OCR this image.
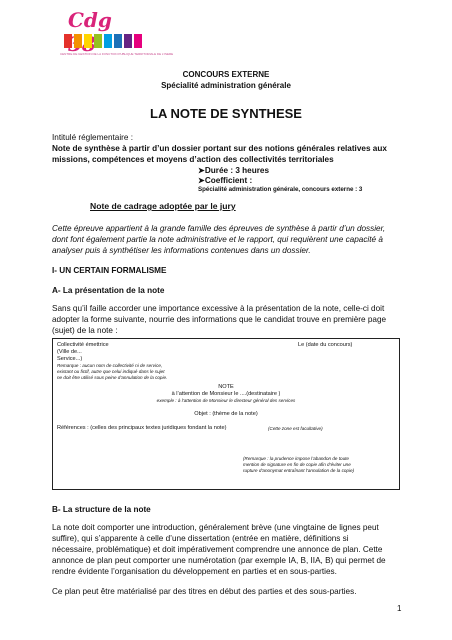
Cdg
CENTRE DE GESTION DE LA FONCTION PUBLIQUE TERRITORIALE DE L'ISERE
CONCOURS EXTERNE
Spécialité administration générale
LA NOTE DE SYNTHESE
Intitulé réglementaire :
Note de synthèse à partir d’un dossier portant sur des notions générales relatives aux
missions, compétences et moyens d’action des collectivités territoriales
➤Durée : 3 heures
➤Coefficient :
Spécialité administration générale, concours externe : 3
Note de cadrage adoptée par le jury
Cette épreuve appartient à la grande famille des épreuves de synthèse à partir d’un dossier,
dont font également partie la note administrative et le rapport, qui requièrent une capacité à
analyser puis à synthétiser les informations contenues dans un dossier.
I- UN CERTAIN FORMALISME
A- La présentation de la note
Sans qu’il faille accorder une importance excessive à la présentation de la note, celle-ci doit
adopter la forme suivante, nourrie des informations que le candidat trouve en première page
(sujet) de la note :
Collectivité émettrice	Le (date du concours)
(Ville de...
Service...)
Remarque : aucun nom de collectivité ni de service,
existant ou fictif, autre que celui indiqué dans le sujet
ne doit être utilisé sous peine d’annulation de la copie.
NOTE
à l’attention de Monsieur le ....(destinataire )
exemple : à l’attention de Monsieur le directeur général des services
Objet : (thème de la note)
Références : (celles des principaux textes juridiques fondant la note)	(Cette zone est facultative)
(Remarque : la prudence impose l’abandon de toute
mention de signature en fin de copie afin d’éviter une
rupture d’anonymat entraînant l’annulation de la copie)
B- La structure de la note
La note doit comporter une introduction, généralement brève (une vingtaine de lignes peut
suffire), qui s’apparente à celle d’une dissertation (entrée en matière, définitions si
nécessaire, problématique) et doit impérativement comprendre une annonce de plan. Cette
annonce de plan peut comporter une numérotation (par exemple IA, B, IIA, B) qui permet de
rendre évidente l’organisation du développement en parties et en sous-parties.
Ce plan peut être matérialisé par des titres en début des parties et des sous-parties.
1
